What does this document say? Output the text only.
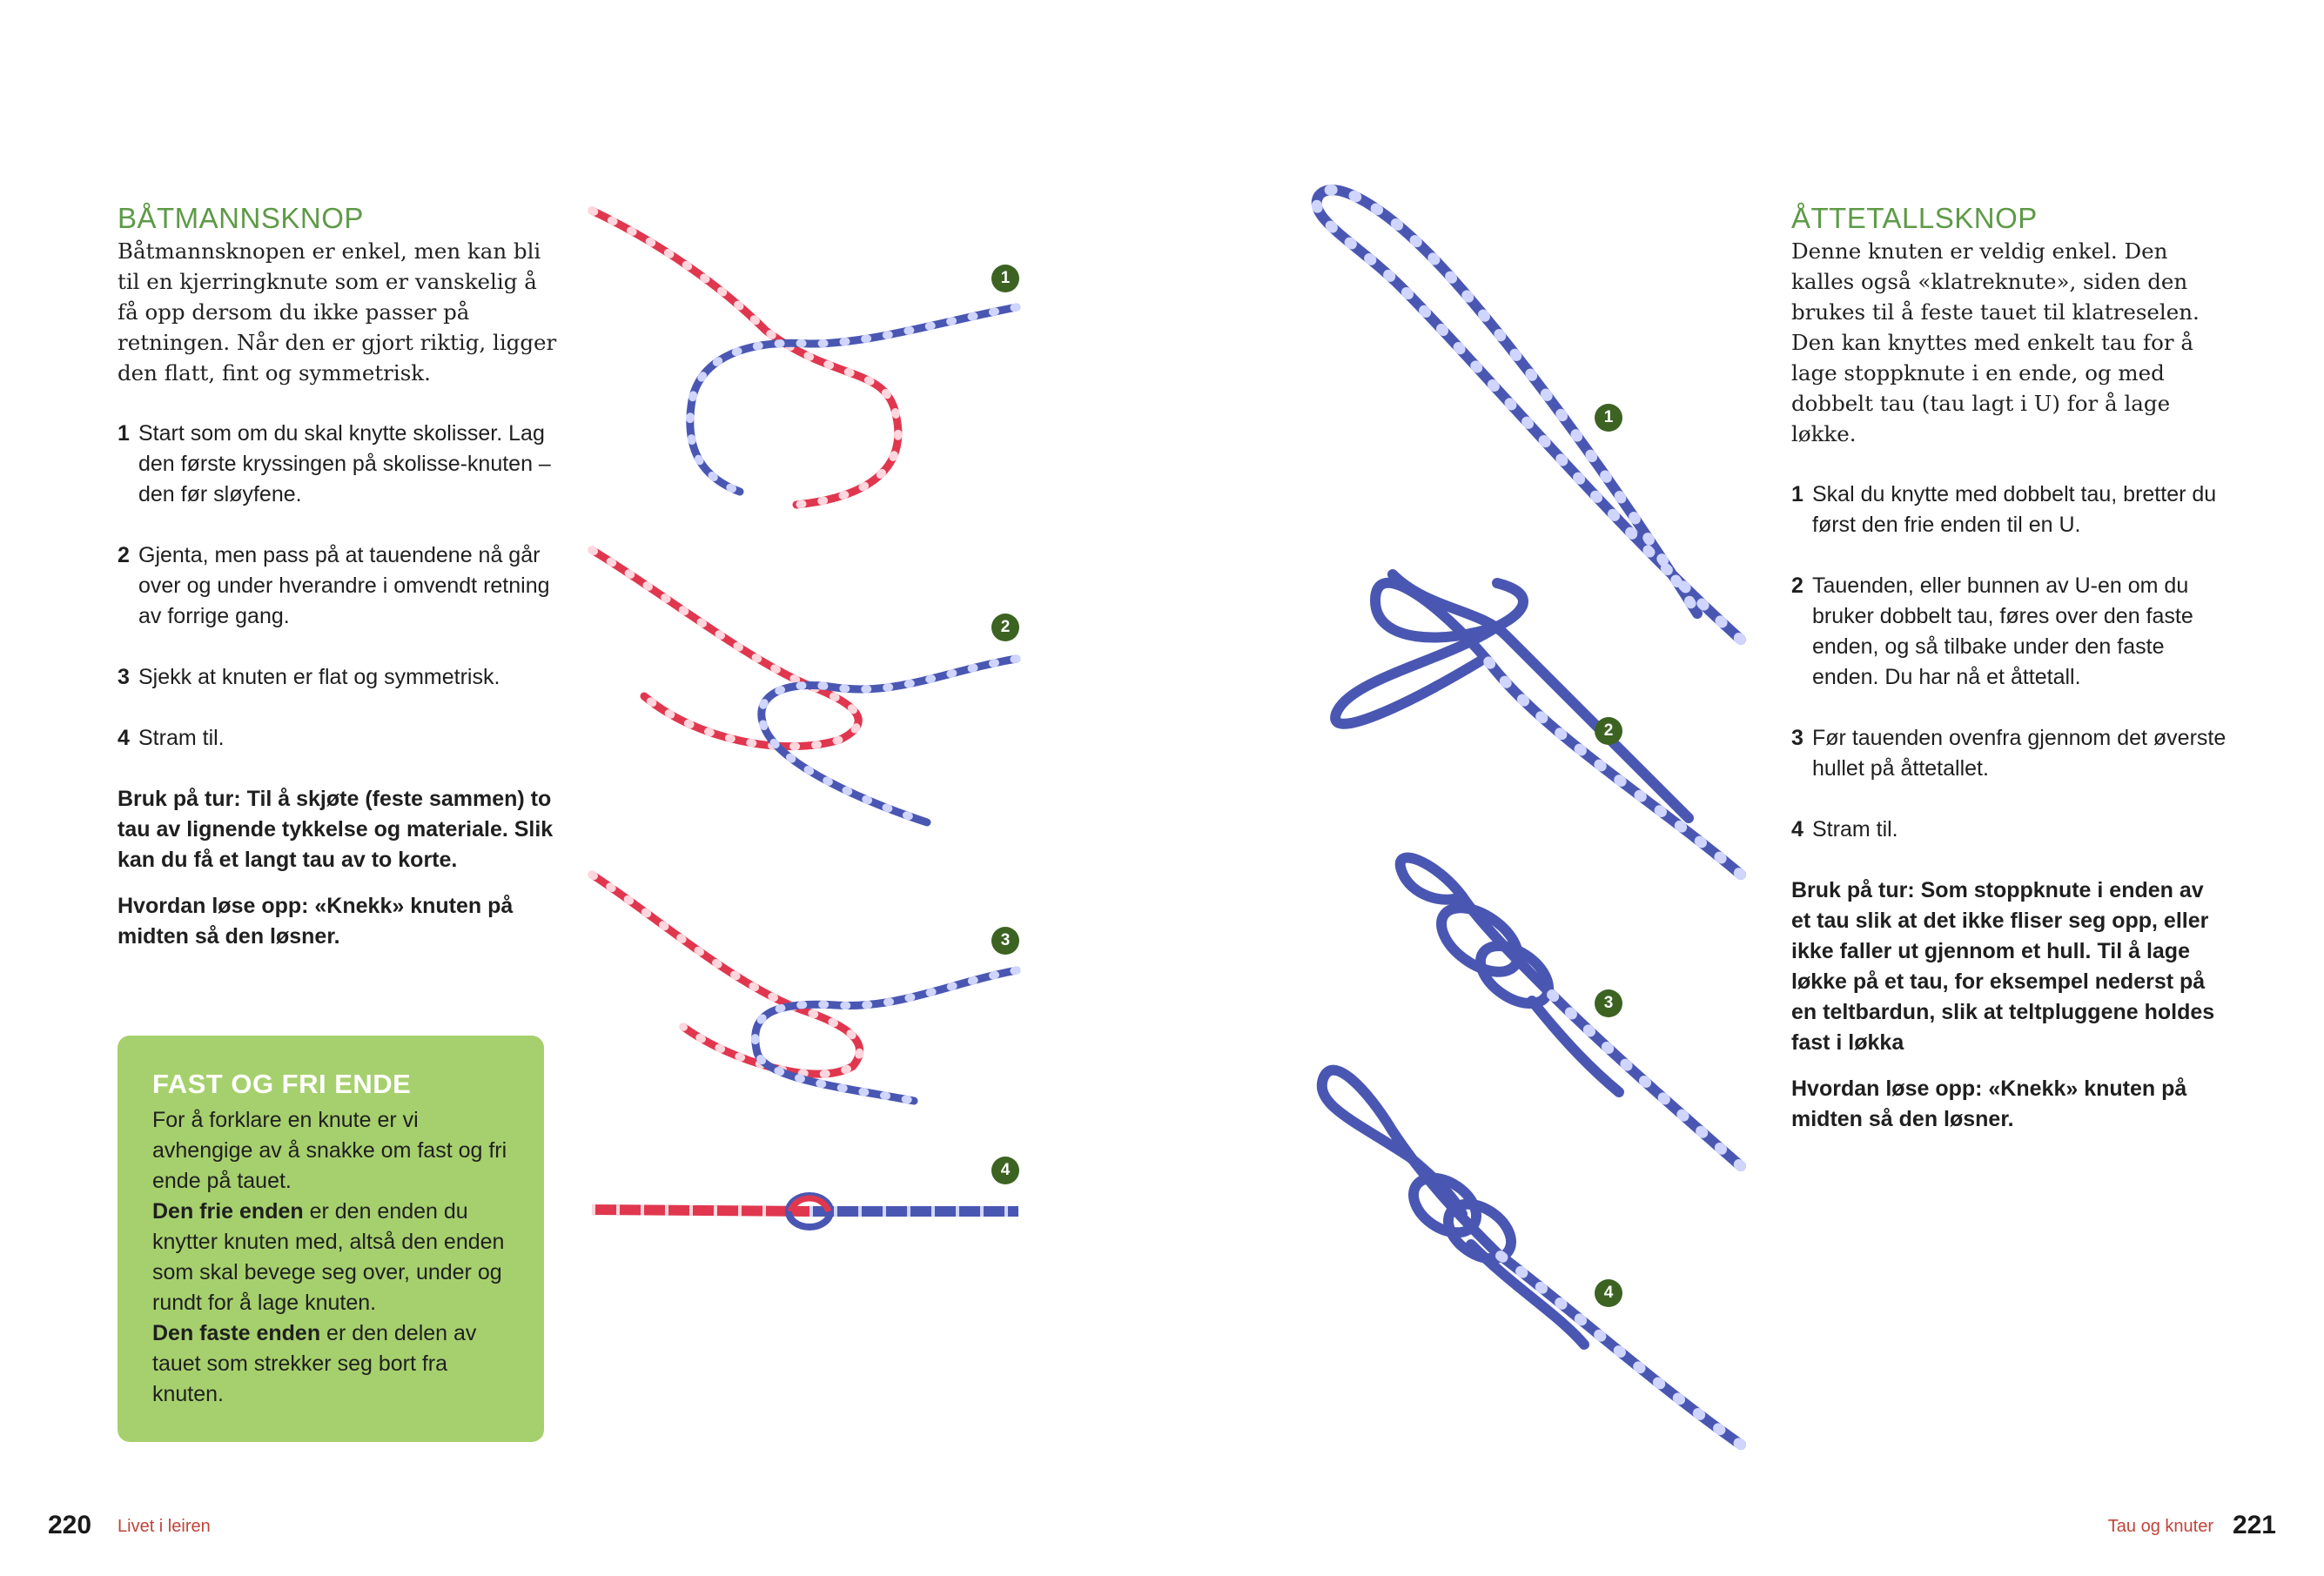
BÅTMANNSKNOP

Båtmannsknopen er enkel, men kan bli til en kjerringknute som er vanskelig å få opp dersom du ikke passer på retningen. Når den er gjort riktig, ligger den flatt, fint og symmetrisk.

1 Start som om du skal knytte skolisser. Lag den første kryssingen på skolisse-knuten – den før sløyfene.
2 Gjenta, men pass på at tauendene nå går over og under hverandre i omvendt retning av forrige gang.
3 Sjekk at knuten er flat og symmetrisk.
4 Stram til.

Bruk på tur: Til å skjøte (feste sammen) to tau av lignende tykkelse og materiale. Slik kan du få et langt tau av to korte.

Hvordan løse opp: «Knekk» knuten på midten så den løsner.

FAST OG FRI ENDE
For å forklare en knute er vi avhengige av å snakke om fast og fri ende på tauet.
Den frie enden er den enden du knytter knuten med, altså den enden som skal bevege seg over, under og rundt for å lage knuten.
Den faste enden er den delen av tauet som strekker seg bort fra knuten.
1
2
3
4
1
2
3
4
ÅTTETALLSKNOP

Denne knuten er veldig enkel. Den kalles også «klatreknute», siden den brukes til å feste tauet til klatreselen. Den kan knyttes med enkelt tau for å lage stoppknute i en ende, og med dobbelt tau (tau lagt i U) for å lage løkke.

1 Skal du knytte med dobbelt tau, bretter du først den frie enden til en U.
2 Tauenden, eller bunnen av U-en om du bruker dobbelt tau, føres over den faste enden, og så tilbake under den faste enden. Du har nå et åttetall.
3 Før tauenden ovenfra gjennom det øverste hullet på åttetallet.
4 Stram til.

Bruk på tur: Som stoppknute i enden av et tau slik at det ikke fliser seg opp, eller ikke faller ut gjennom et hull. Til å lage løkke på et tau, for eksempel nederst på en teltbardun, slik at teltpluggene holdes fast i løkka

Hvordan løse opp: «Knekk» knuten på midten så den løsner.

220 Livet i leiren	Tau og knuter 221
